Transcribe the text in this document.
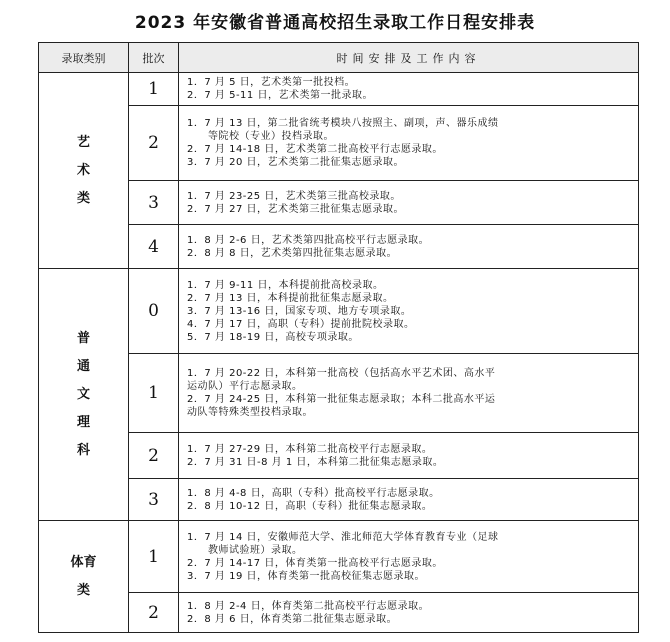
2023 年安徽省普通高校招生录取工作日程安排表
录取类别	批次	时间安排及工作内容

艺
术
类	1	1．7 月 5 日，艺术类第一批投档。
2．7 月 5-11 日，艺术类第一批录取。

	2	1．7 月 13 日，第二批省统考模块八按照主、副项，声、器乐成绩
　　等院校（专业）投档录取。
2．7 月 14-18 日，艺术类第二批高校平行志愿录取。
3．7 月 20 日，艺术类第二批征集志愿录取。

	3	1．7 月 23-25 日，艺术类第三批高校录取。
2．7 月 27 日，艺术类第三批征集志愿录取。

	4	1．8 月 2-6 日，艺术类第四批高校平行志愿录取。
2．8 月 8 日，艺术类第四批征集志愿录取。

普
通
文
理
科	0	1．7 月 9-11 日，本科提前批高校录取。
2．7 月 13 日，本科提前批征集志愿录取。
3．7 月 13-16 日，国家专项、地方专项录取。
4．7 月 17 日，高职（专科）提前批院校录取。
5．7 月 18-19 日，高校专项录取。

	1	1．7 月 20-22 日，本科第一批高校（包括高水平艺术团、高水平
运动队）平行志愿录取。
2．7 月 24-25 日，本科第一批征集志愿录取；本科二批高水平运
动队等特殊类型投档录取。

	2	1．7 月 27-29 日，本科第二批高校平行志愿录取。
2．7 月 31 日-8 月 1 日，本科第二批征集志愿录取。

	3	1．8 月 4-8 日，高职（专科）批高校平行志愿录取。
2．8 月 10-12 日，高职（专科）批征集志愿录取。

体育
类	1	1．7 月 14 日，安徽师范大学、淮北师范大学体育教育专业（足球
　　教师试验班）录取。
2．7 月 14-17 日，体育类第一批高校平行志愿录取。
3．7 月 19 日，体育类第一批高校征集志愿录取。

	2	1．8 月 2-4 日，体育类第二批高校平行志愿录取。
2．8 月 6 日，体育类第二批征集志愿录取。
